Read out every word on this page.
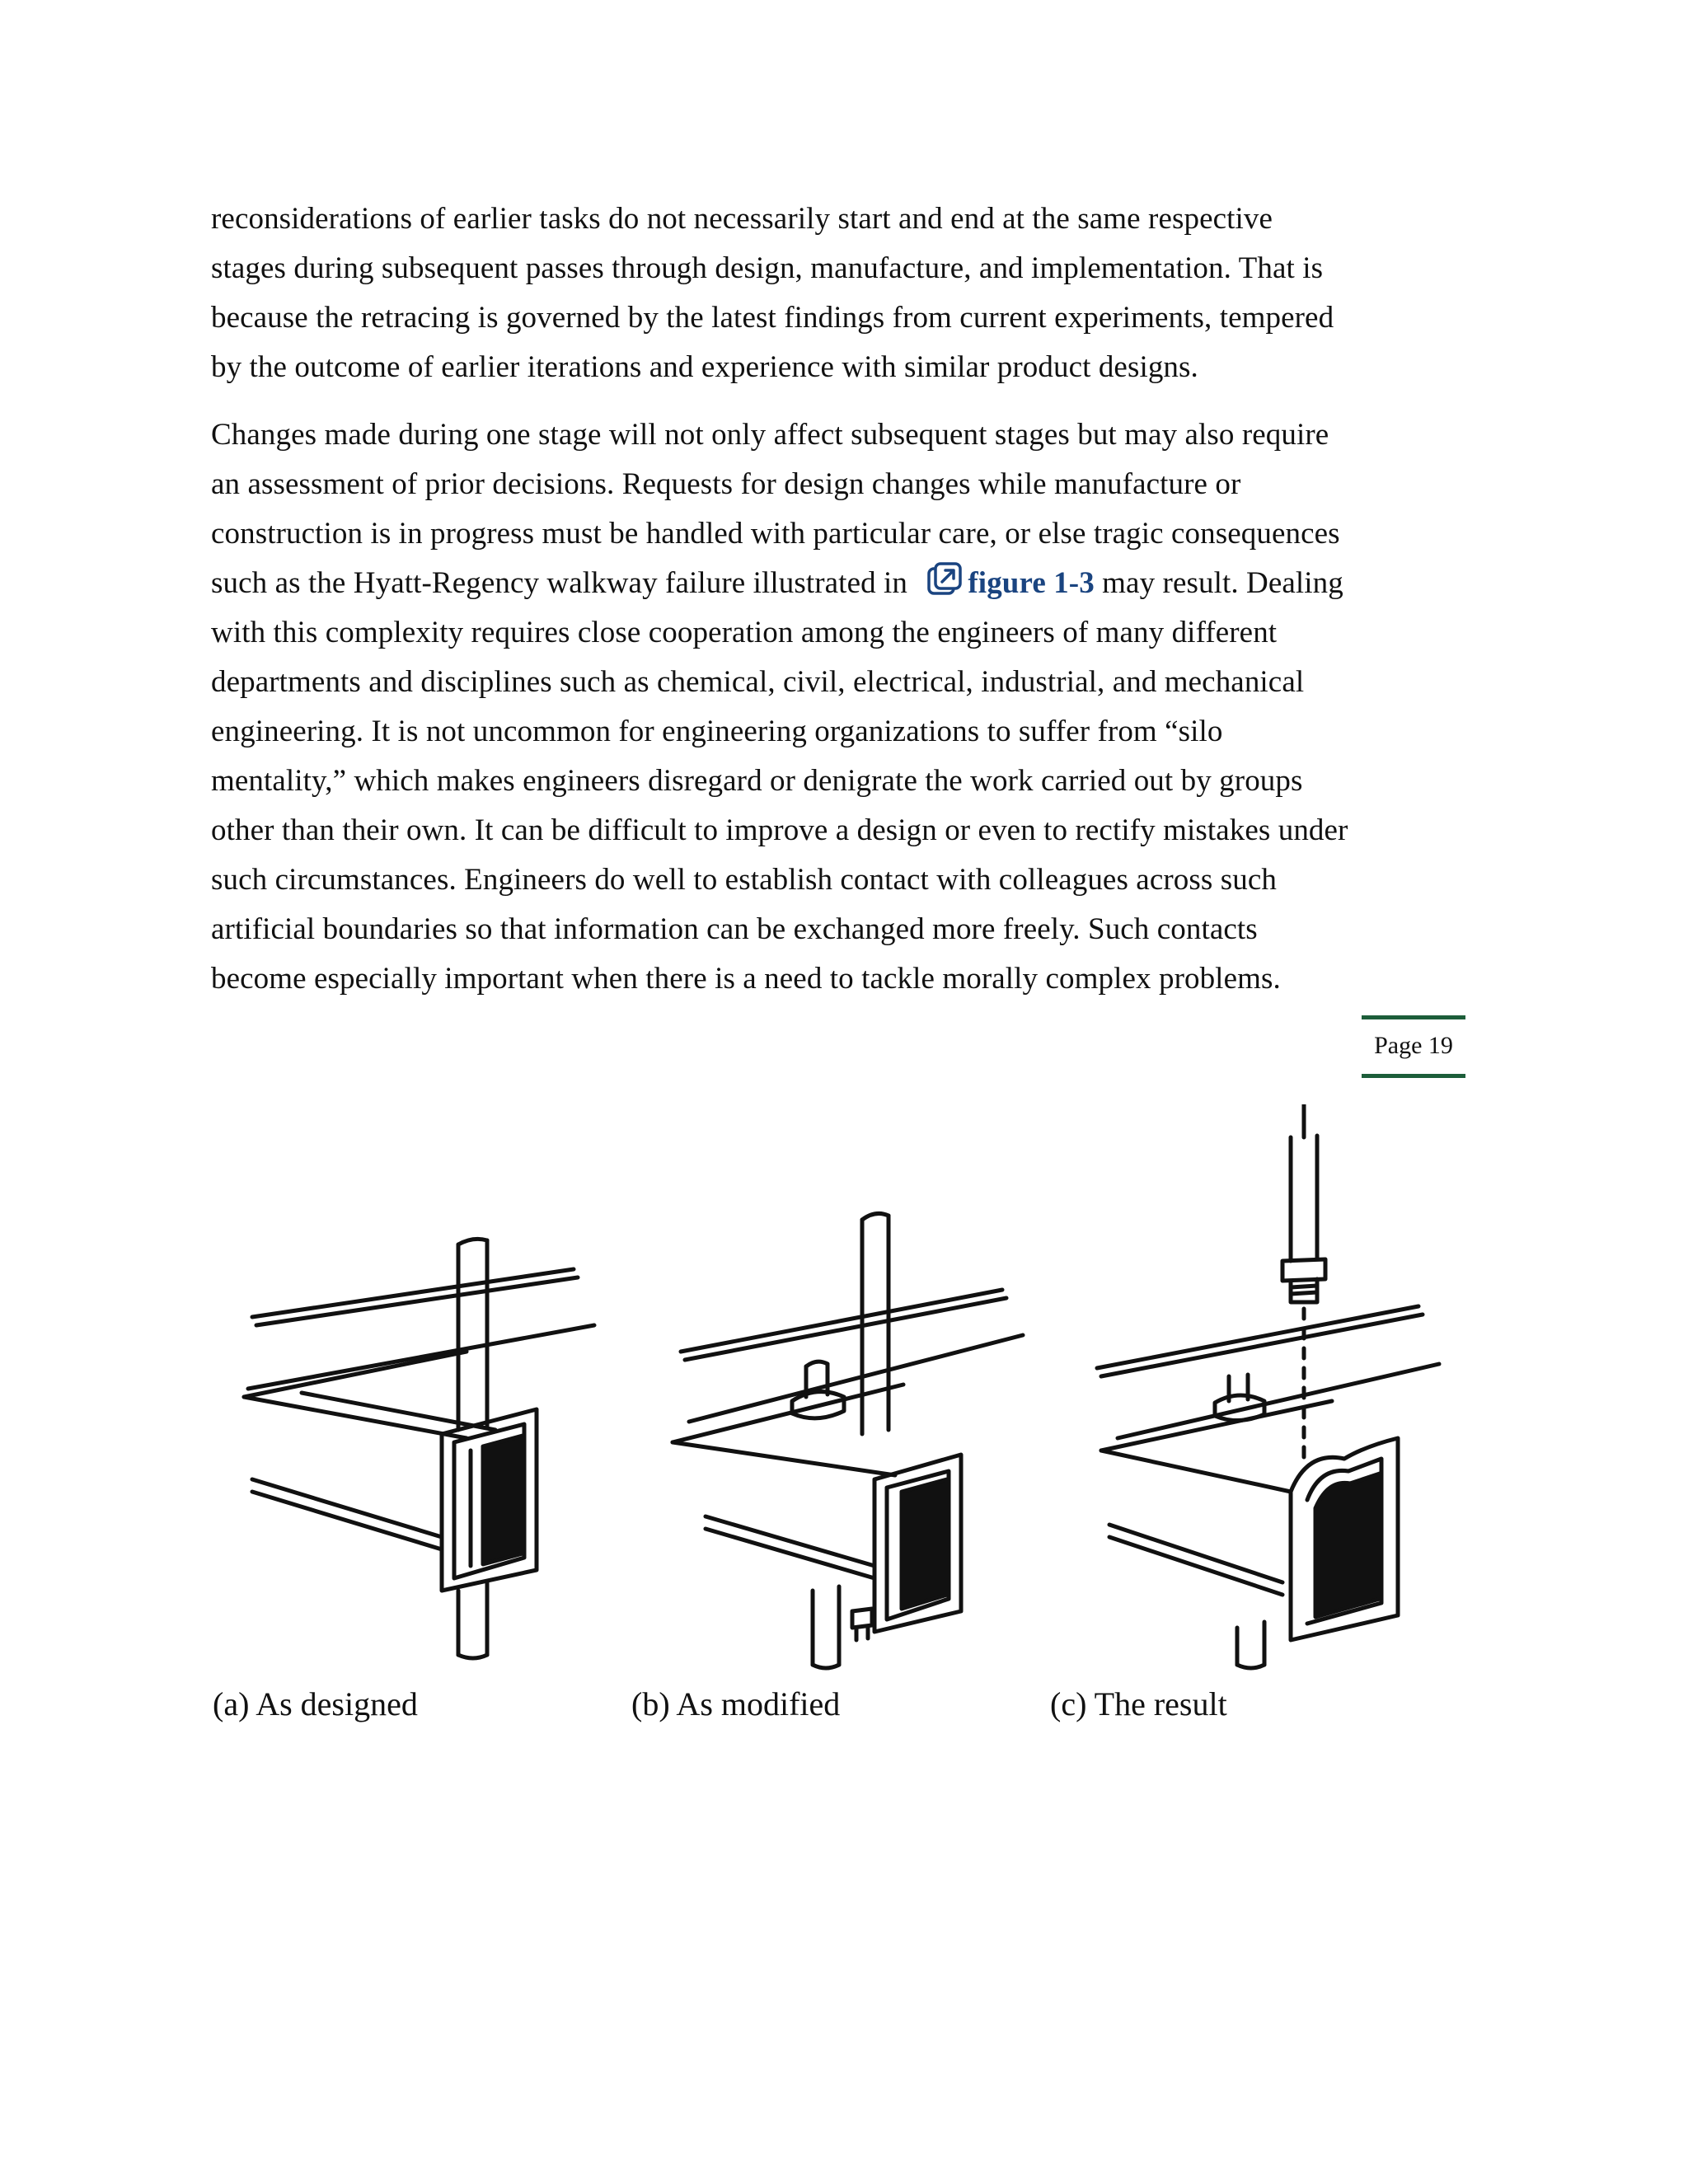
reconsiderations of earlier tasks do not necessarily start and end at the same respective
stages during subsequent passes through design, manufacture, and implementation. That is
because the retracing is governed by the latest findings from current experiments, tempered
by the outcome of earlier iterations and experience with similar product designs.
Changes made during one stage will not only affect subsequent stages but may also require
an assessment of prior decisions. Requests for design changes while manufacture or
construction is in progress must be handled with particular care, or else tragic consequences
such as the Hyatt-Regency walkway failure illustrated in figure 1-3 may result. Dealing
with this complexity requires close cooperation among the engineers of many different
departments and disciplines such as chemical, civil, electrical, industrial, and mechanical
engineering. It is not uncommon for engineering organizations to suffer from “silo
mentality,” which makes engineers disregard or denigrate the work carried out by groups
other than their own. It can be difficult to improve a design or even to rectify mistakes under
such circumstances. Engineers do well to establish contact with colleagues across such
artificial boundaries so that information can be exchanged more freely. Such contacts
become especially important when there is a need to tackle morally complex problems.
Page 19
(a) As designed	(b) As modified	(c) The result
